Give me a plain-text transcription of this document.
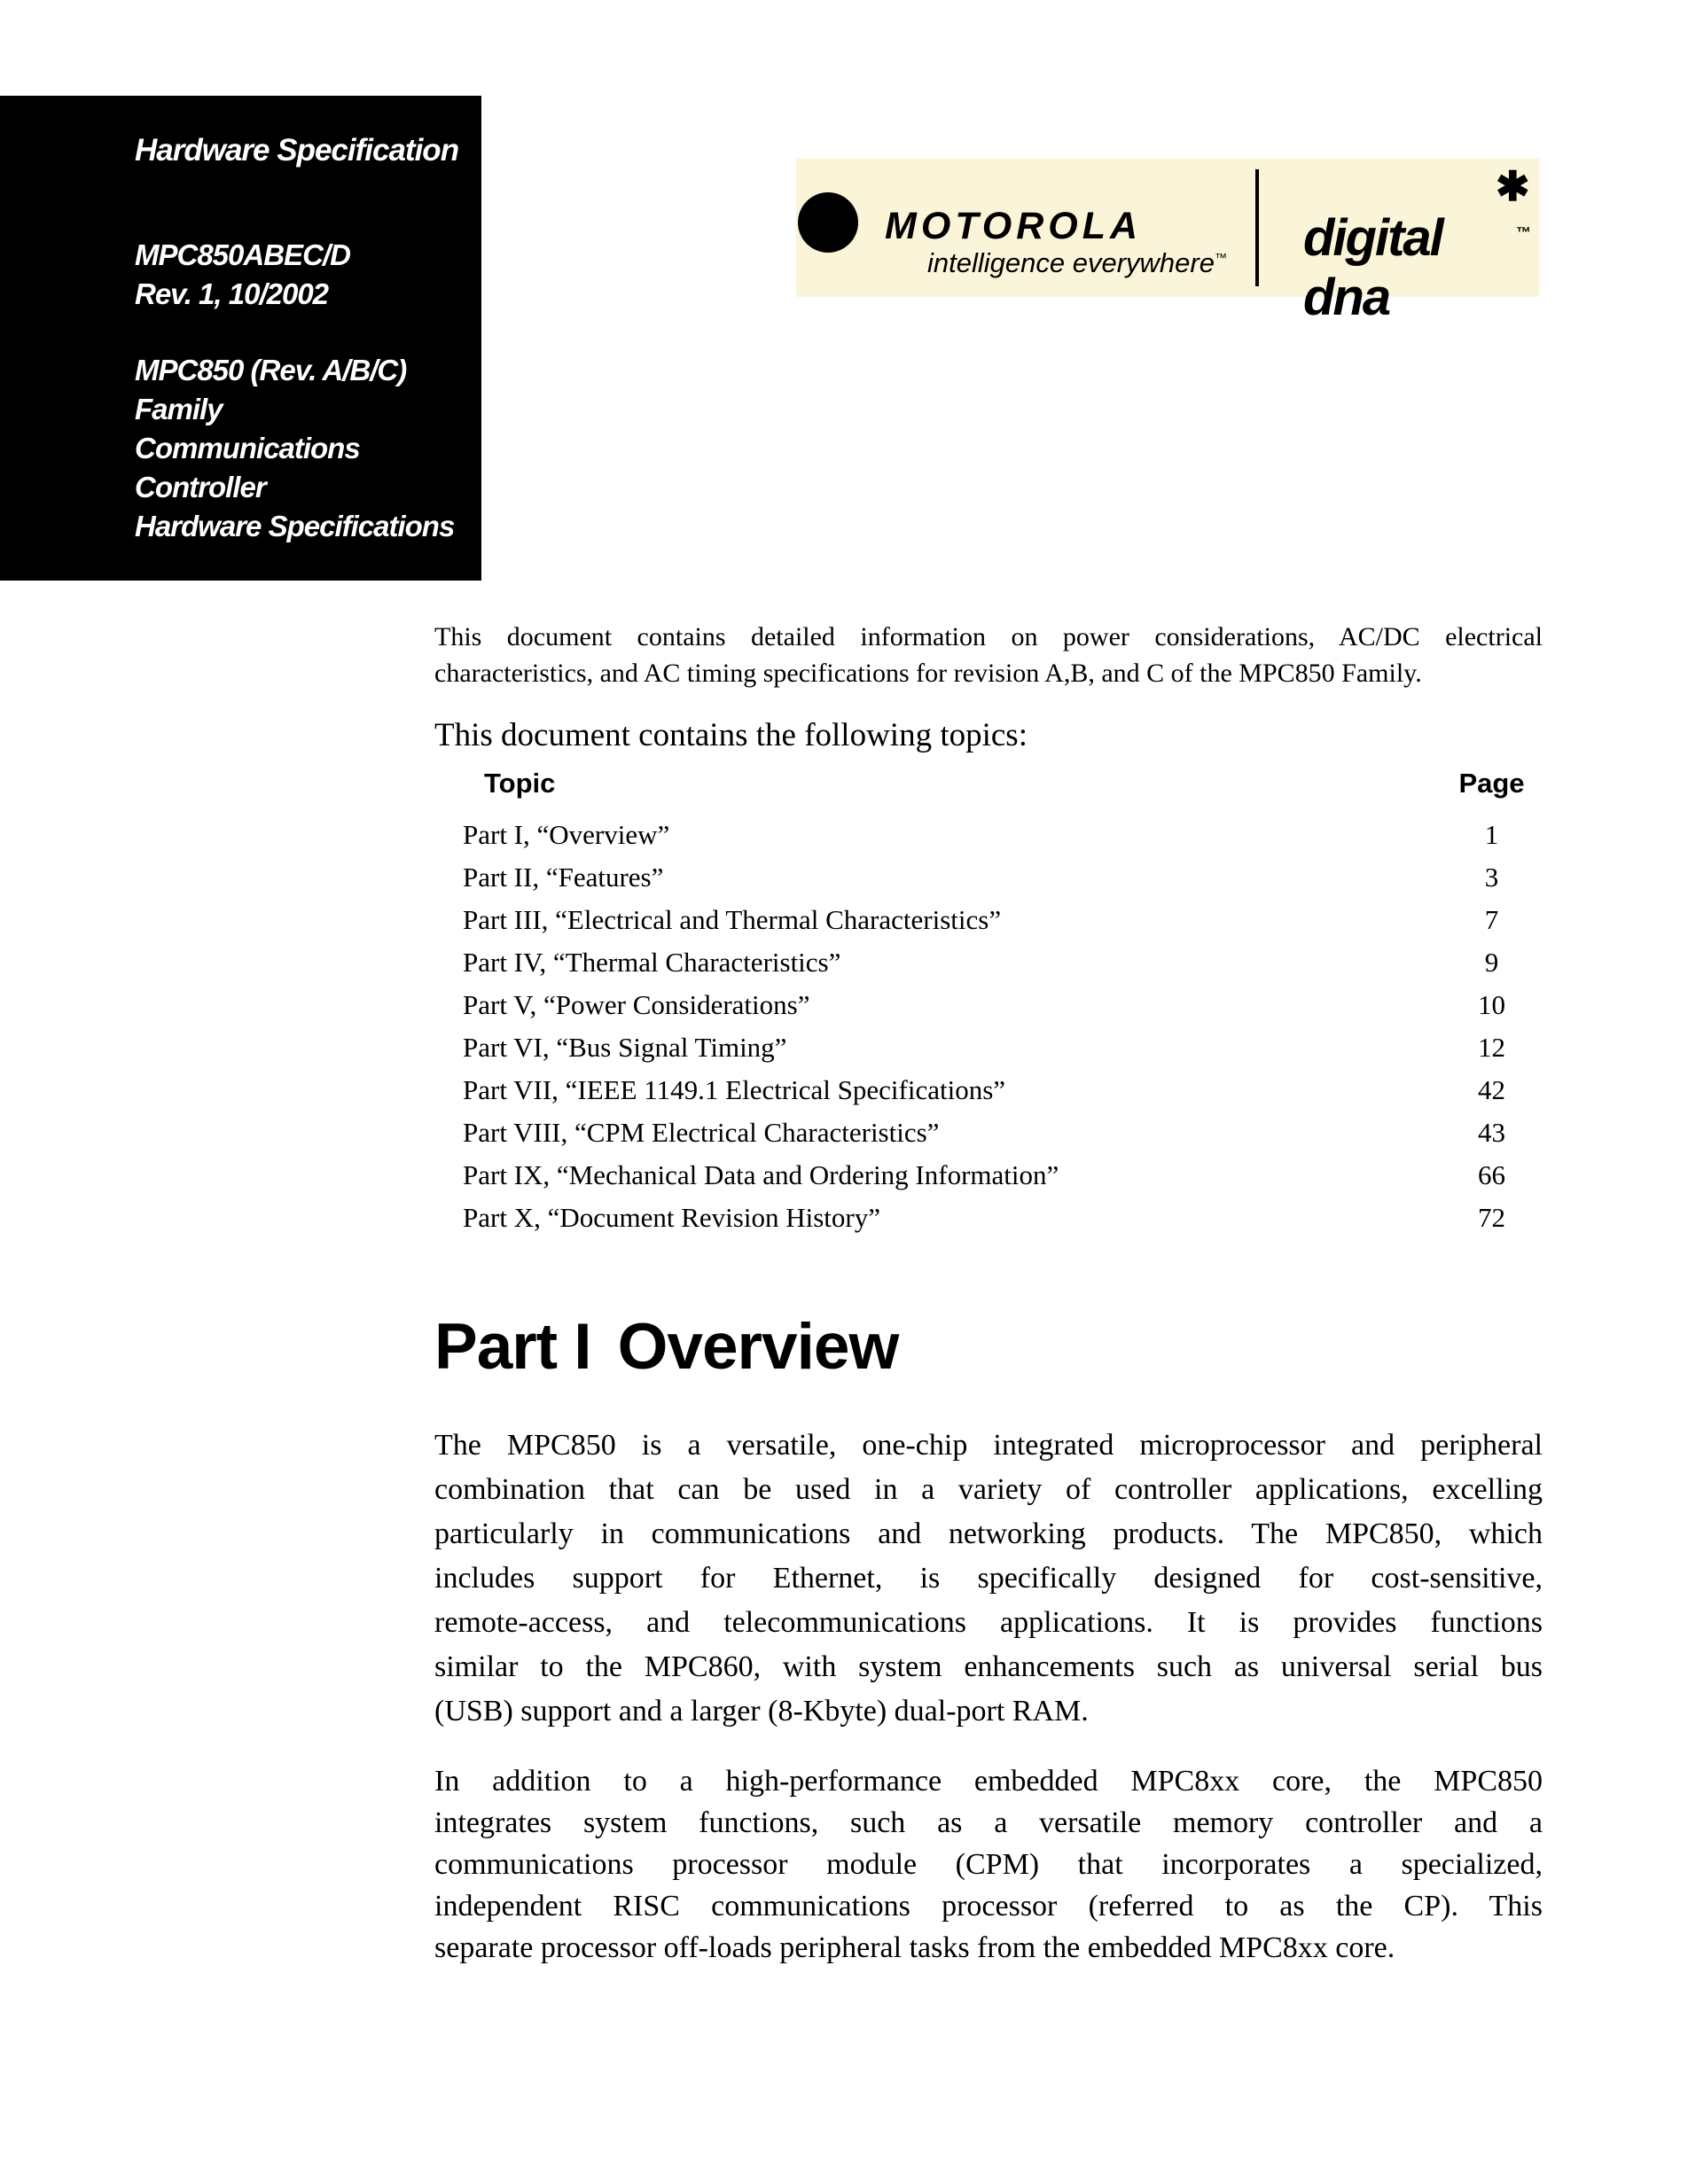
Hardware Specification
MPC850ABEC/D
Rev. 1, 10/2002
MPC850 (Rev. A/B/C) Family
Communications Controller
Hardware Specifications
MOTOROLA
intelligence everywhere™ digital dna
™
✱
This document contains detailed information on power considerations, AC/DC electrical
characteristics, and AC timing specifications for revision A,B, and C of the MPC850 Family.
This document contains the following topics:
Topic	Page
Part I, “Overview”	1
Part II, “Features”	3
Part III, “Electrical and Thermal Characteristics”	7
Part IV, “Thermal Characteristics”	9
Part V, “Power Considerations”	10
Part VI, “Bus Signal Timing”	12
Part VII, “IEEE 1149.1 Electrical Specifications”	42
Part VIII, “CPM Electrical Characteristics”	43
Part IX, “Mechanical Data and Ordering Information”	66
Part X, “Document Revision History”	72
Part I Overview
The MPC850 is a versatile, one-chip integrated microprocessor and peripheral
combination that can be used in a variety of controller applications, excelling
particularly in communications and networking products. The MPC850, which
includes support for Ethernet, is specifically designed for cost-sensitive,
remote-access, and telecommunications applications. It is provides functions
similar to the MPC860, with system enhancements such as universal serial bus
(USB) support and a larger (8-Kbyte) dual-port RAM.
In addition to a high-performance embedded MPC8xx core, the MPC850
integrates system functions, such as a versatile memory controller and a
communications processor module (CPM) that incorporates a specialized,
independent RISC communications processor (referred to as the CP). This
separate processor off-loads peripheral tasks from the embedded MPC8xx core.
